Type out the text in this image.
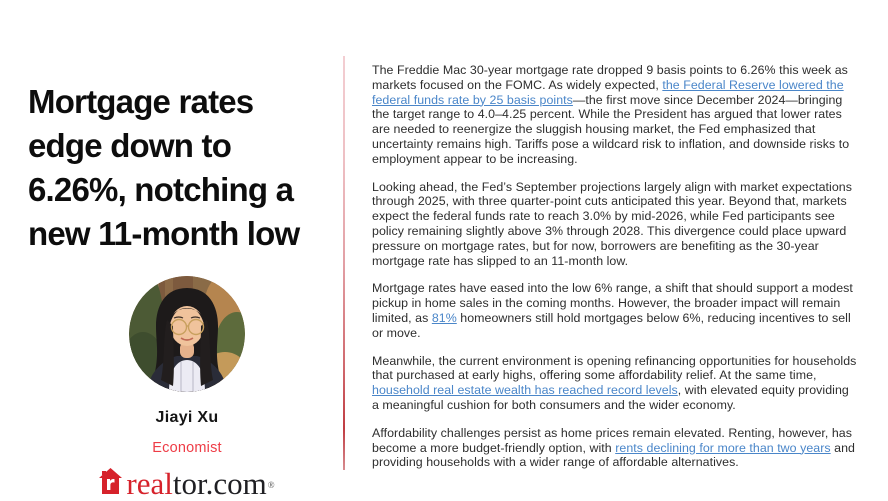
Mortgage rates
edge down to
6.26%, notching a
new 11-month low
Jiayi Xu
Economist
real tor.com ®

The Freddie Mac 30-year mortgage rate dropped 9 basis points to 6.26% this week as markets focused on the FOMC. As widely expected, the Federal Reserve lowered the federal funds rate by 25 basis points—the first move since December 2024—bringing the target range to 4.0–4.25 percent. While the President has argued that lower rates are needed to reenergize the sluggish housing market, the Fed emphasized that uncertainty remains high. Tariffs pose a wildcard risk to inflation, and downside risks to employment appear to be increasing.

Looking ahead, the Fed’s September projections largely align with market expectations through 2025, with three quarter-point cuts anticipated this year. Beyond that, markets expect the federal funds rate to reach 3.0% by mid-2026, while Fed participants see policy remaining slightly above 3% through 2028. This divergence could place upward pressure on mortgage rates, but for now, borrowers are benefiting as the 30-year mortgage rate has slipped to an 11-month low.

Mortgage rates have eased into the low 6% range, a shift that should support a modest pickup in home sales in the coming months. However, the broader impact will remain limited, as 81% homeowners still hold mortgages below 6%, reducing incentives to sell or move.

Meanwhile, the current environment is opening refinancing opportunities for households that purchased at early highs, offering some affordability relief. At the same time, household real estate wealth has reached record levels, with elevated equity providing a meaningful cushion for both consumers and the wider economy.

Affordability challenges persist as home prices remain elevated. Renting, however, has become a more budget-friendly option, with rents declining for more than two years and providing households with a wider range of affordable alternatives.
